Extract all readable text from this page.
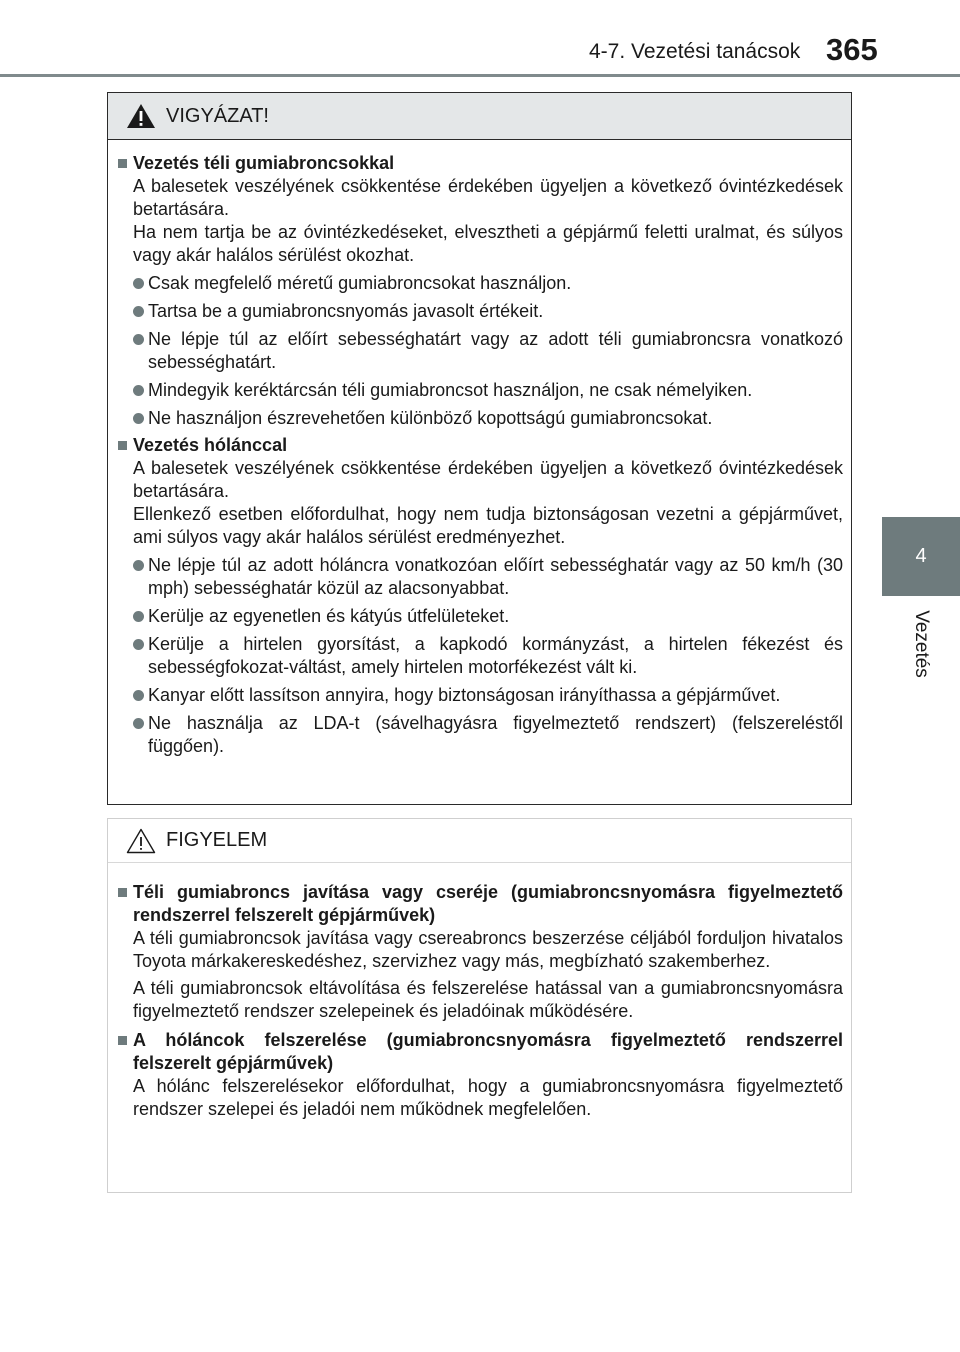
4-7. Vezetési tanácsok 365
4
Vezetés
VIGYÁZAT!
Vezetés téli gumiabroncsokkal
A balesetek veszélyének csökkentése érdekében ügyeljen a következő óvintézkedések betartására.
Ha nem tartja be az óvintézkedéseket, elvesztheti a gépjármű feletti uralmat, és súlyos vagy akár halálos sérülést okozhat.
Csak megfelelő méretű gumiabroncsokat használjon.
Tartsa be a gumiabroncsnyomás javasolt értékeit.
Ne lépje túl az előírt sebességhatárt vagy az adott téli gumiabroncsra vonatkozó sebességhatárt.
Mindegyik keréktárcsán téli gumiabroncsot használjon, ne csak némelyiken.
Ne használjon észrevehetően különböző kopottságú gumiabroncsokat.
Vezetés hólánccal
A balesetek veszélyének csökkentése érdekében ügyeljen a következő óvintézkedések betartására.
Ellenkező esetben előfordulhat, hogy nem tudja biztonságosan vezetni a gépjárművet, ami súlyos vagy akár halálos sérülést eredményezhet.
Ne lépje túl az adott hóláncra vonatkozóan előírt sebességhatár vagy az 50 km/h (30 mph) sebességhatár közül az alacsonyabbat.
Kerülje az egyenetlen és kátyús útfelületeket.
Kerülje a hirtelen gyorsítást, a kapkodó kormányzást, a hirtelen fékezést és sebességfokozat-váltást, amely hirtelen motorfékezést vált ki.
Kanyar előtt lassítson annyira, hogy biztonságosan irányíthassa a gépjárművet.
Ne használja az LDA-t (sávelhagyásra figyelmeztető rendszert) (felszereléstől függően).
FIGYELEM
Téli gumiabroncs javítása vagy cseréje (gumiabroncsnyomásra figyelmeztető rendszerrel felszerelt gépjárművek)
A téli gumiabroncsok javítása vagy csereabroncs beszerzése céljából forduljon hivatalos Toyota márkakereskedéshez, szervizhez vagy más, megbízható szakemberhez.
A téli gumiabroncsok eltávolítása és felszerelése hatással van a gumiabroncsnyomásra figyelmeztető rendszer szelepeinek és jeladóinak működésére.
A hóláncok felszerelése (gumiabroncsnyomásra figyelmeztető rendszerrel felszerelt gépjárművek)
A hólánc felszerelésekor előfordulhat, hogy a gumiabroncsnyomásra figyelmeztető rendszer szelepei és jeladói nem működnek megfelelően.
